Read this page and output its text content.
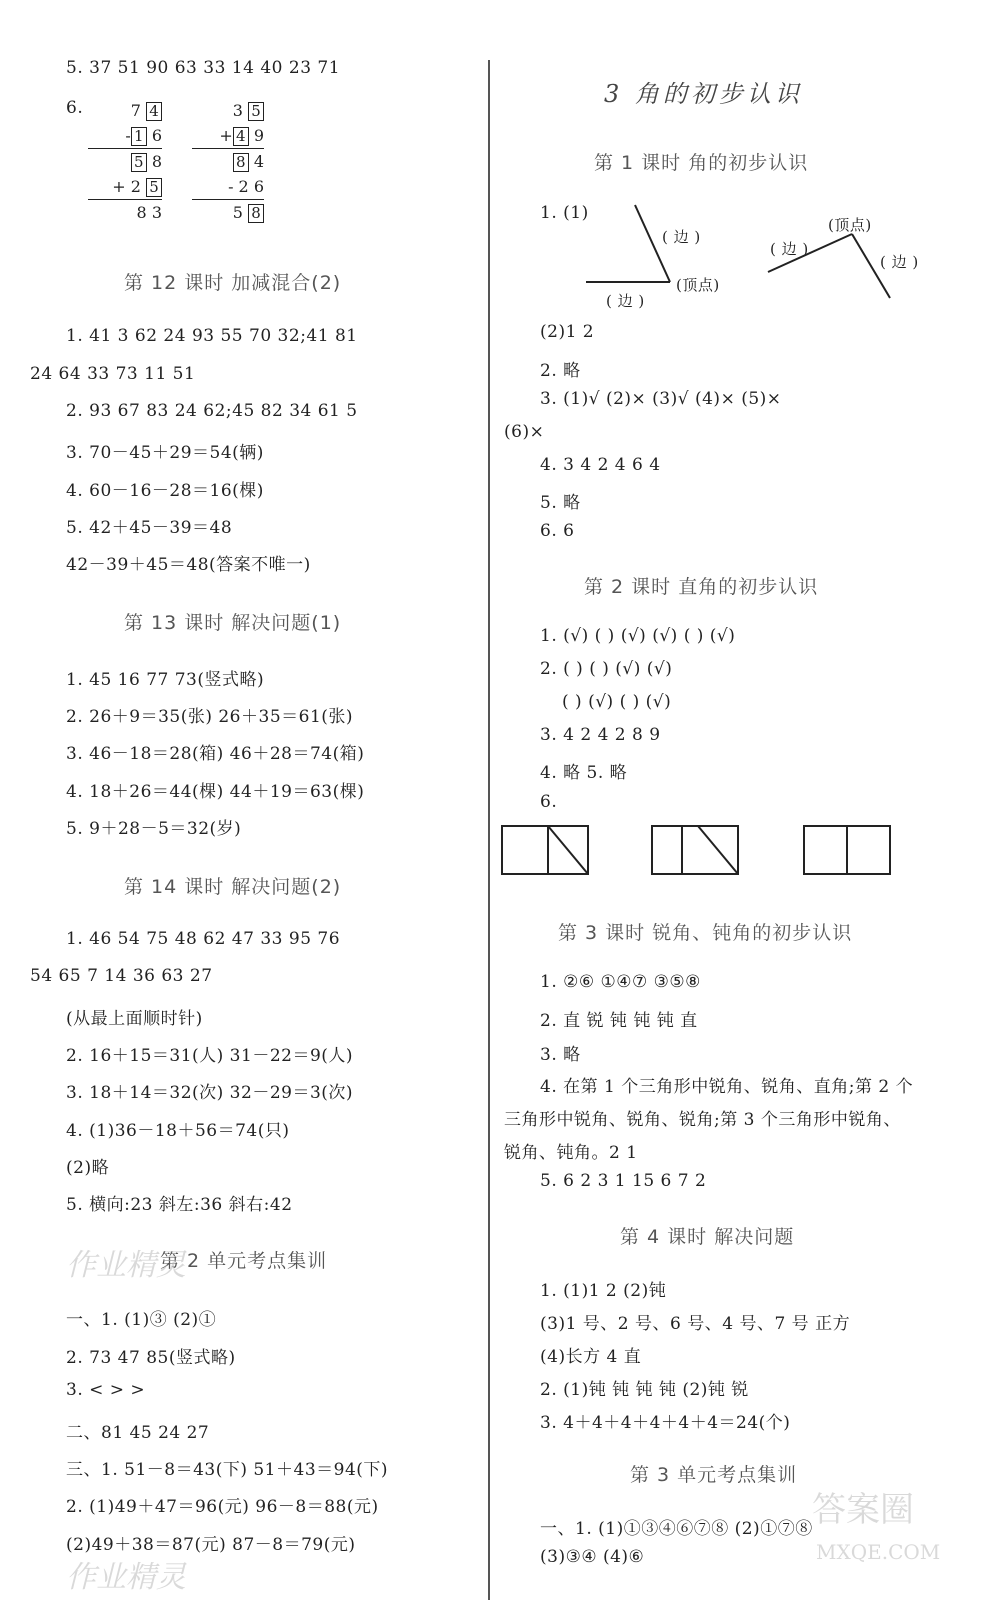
5. 37 51 90 63 33 14 40 23 71
6.	7 4
- 1 6
5 8
+ 2 5
8 3
3 5
+ 4 9
8 4
- 2 6
5 8
第 12 课时 加减混合(2)
1. 41 3 62 24 93 55 70 32;41 81
24 64 33 73 11 51
2. 93 67 83 24 62;45 82 34 61 5
3. 70－45＋29＝54(辆)
4. 60－16－28＝16(棵)
5. 42＋45－39＝48
42－39＋45＝48(答案不唯一)
第 13 课时 解决问题(1)
1. 45 16 77 73(竖式略)
2. 26＋9＝35(张) 26＋35＝61(张)
3. 46－18＝28(箱) 46＋28＝74(箱)
4. 18＋26＝44(棵) 44＋19＝63(棵)
5. 9＋28－5＝32(岁)
第 14 课时 解决问题(2)
1. 46 54 75 48 62 47 33 95 76
54 65 7 14 36 63 27
(从最上面顺时针)
2. 16＋15＝31(人) 31－22＝9(人)
3. 18＋14＝32(次) 32－29＝3(次)
4. (1)36－18＋56＝74(只)
(2)略
5. 横向:23 斜左:36 斜右:42
第 2 单元考点集训
一、1. (1)③ (2)①
2. 73 47 85(竖式略)
3. < > >
二、81 45 24 27
三、1. 51－8＝43(下) 51＋43＝94(下)
2. (1)49＋47＝96(元) 96－8＝88(元)
(2)49＋38＝87(元) 87－8＝79(元)
3 角的初步认识
第 1 课时 角的初步认识
1. (1)
( 边 )
(顶点)
( 边 )
(顶点)
( 边 )
( 边 )
(2)1 2
2. 略
3. (1)√ (2)× (3)√ (4)× (5)×
(6)×
4. 3 4 2 4 6 4
5. 略
6. 6
第 2 课时 直角的初步认识
1. (√) ( ) (√) (√) ( ) (√)
2. ( ) ( ) (√) (√)
( ) (√) ( ) (√)
3. 4 2 4 2 8 9
4. 略 5. 略
6.
第 3 课时 锐角、钝角的初步认识
1. ②⑥ ①④⑦ ③⑤⑧
2. 直 锐 钝 钝 钝 直
3. 略
4. 在第 1 个三角形中锐角、锐角、直角;第 2 个
三角形中锐角、锐角、锐角;第 3 个三角形中锐角、
锐角、钝角。2 1
5. 6 2 3 1 15 6 7 2
第 4 课时 解决问题
1. (1)1 2 (2)钝
(3)1 号、2 号、6 号、4 号、7 号 正方
(4)长方 4 直
2. (1)钝 钝 钝 钝 (2)钝 锐
3. 4＋4＋4＋4＋4＋4＝24(个)
第 3 单元考点集训
一、1. (1)①③④⑥⑦⑧ (2)①⑦⑧
(3)③④ (4)⑥
作业精灵
作业精灵
答案圈
MXQE.COM
